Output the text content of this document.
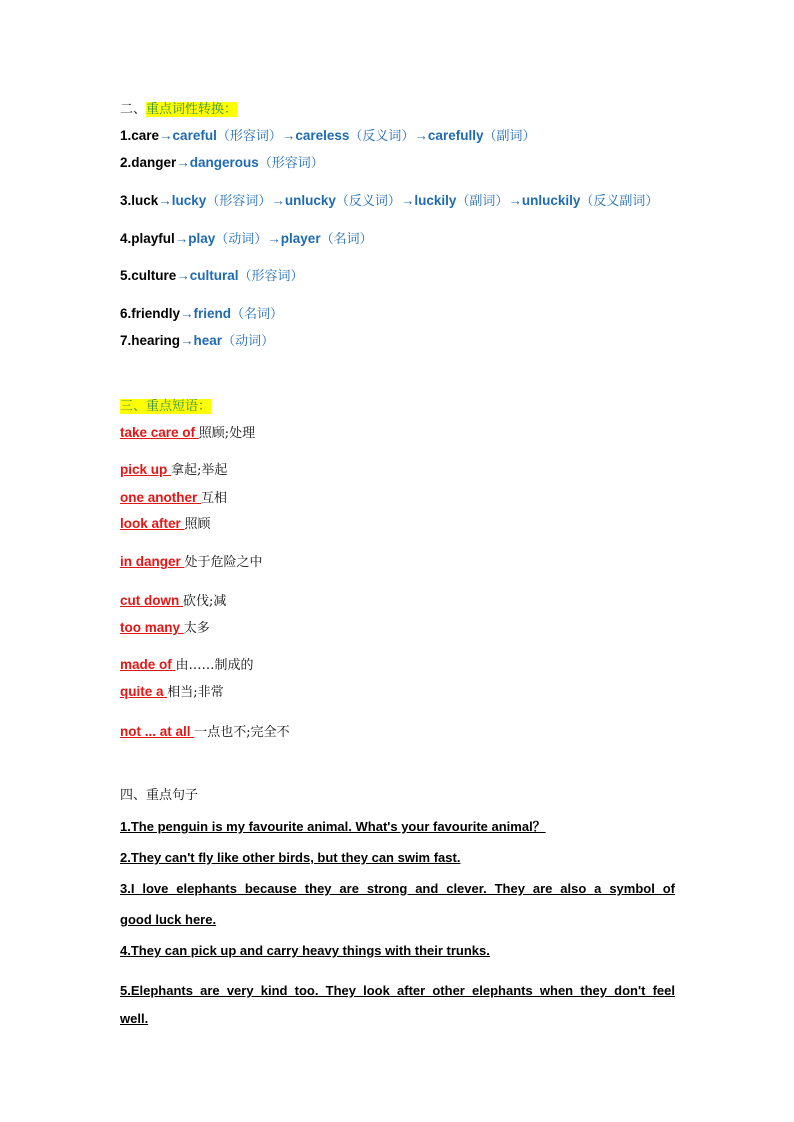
二、重点词性转换：
1.care→careful（形容词）→careless（反义词）→carefully（副词）
2.danger→dangerous（形容词）
3.luck→lucky（形容词）→unlucky（反义词）→luckily（副词）→unluckily（反义副词）
4.playful→play（动词）→player（名词）
5.culture→cultural（形容词）
6.friendly→friend（名词）
7.hearing→hear（动词）
三、重点短语：
take care of 照顾;处理
pick up 拿起;举起
one another 互相
look after 照顾
in danger 处于危险之中
cut down 砍伐;减
too many 太多
made of 由……制成的
quite a 相当;非常
not ... at all 一点也不;完全不
四、重点句子
1.The penguin is my favourite animal. What's your favourite animal？
2.They can't fly like other birds, but they can swim fast.
3.I love elephants because they are strong and clever. They are also a symbol of
good luck here.
4.They can pick up and carry heavy things with their trunks.
5.Elephants are very kind too. They look after other elephants when they don't feel
well.
